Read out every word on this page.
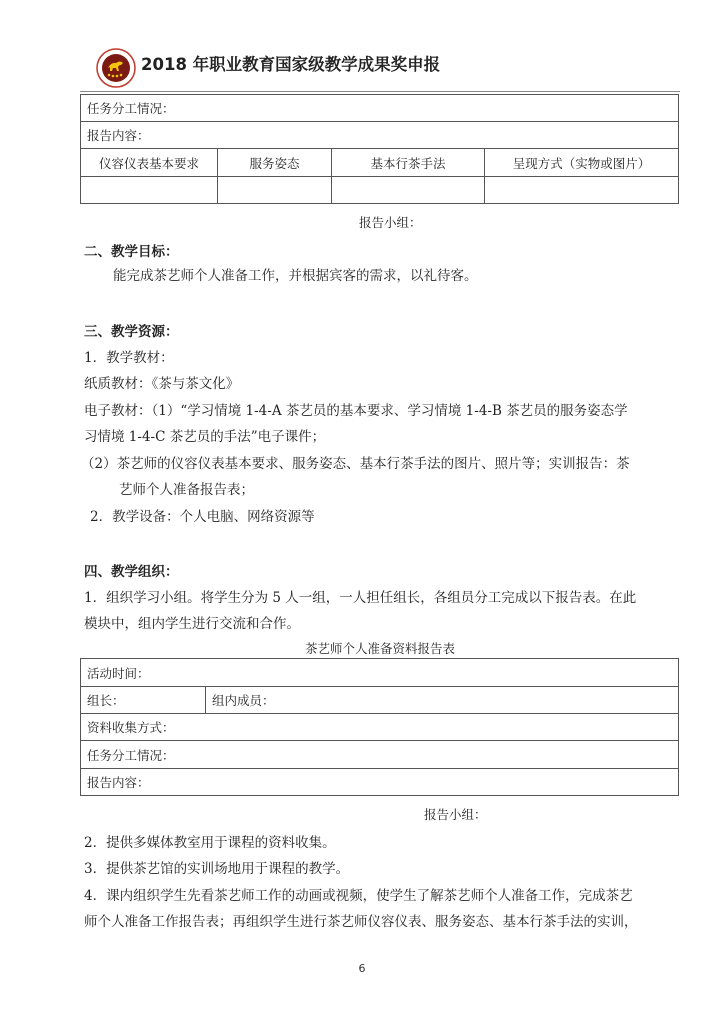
2018 年职业教育国家级教学成果奖申报
任务分工情况：
报告内容：
仪容仪表基本要求	服务姿态	基本行茶手法	呈现方式（实物或图片）
报告小组：
二、教学目标：
能完成茶艺师个人准备工作，并根据宾客的需求，以礼待客。
三、教学资源：
1．教学教材：
纸质教材：《茶与茶文化》
电子教材：（1）“学习情境 1-4-A 茶艺员的基本要求、学习情境 1-4-B 茶艺员的服务姿态学
习情境 1-4-C 茶艺员的手法”电子课件；
（2）茶艺师的仪容仪表基本要求、服务姿态、基本行茶手法的图片、照片等；实训报告：茶
艺师个人准备报告表；
2．教学设备：个人电脑、网络资源等
四、教学组织：
1．组织学习小组。将学生分为 5 人一组，一人担任组长，各组员分工完成以下报告表。在此
模块中，组内学生进行交流和合作。
茶艺师个人准备资料报告表
活动时间：
组长：	组内成员：
资料收集方式：
任务分工情况：
报告内容：
报告小组：
2．提供多媒体教室用于课程的资料收集。
3．提供茶艺馆的实训场地用于课程的教学。
4．课内组织学生先看茶艺师工作的动画或视频，使学生了解茶艺师个人准备工作，完成茶艺
师个人准备工作报告表；再组织学生进行茶艺师仪容仪表、服务姿态、基本行茶手法的实训，
6
